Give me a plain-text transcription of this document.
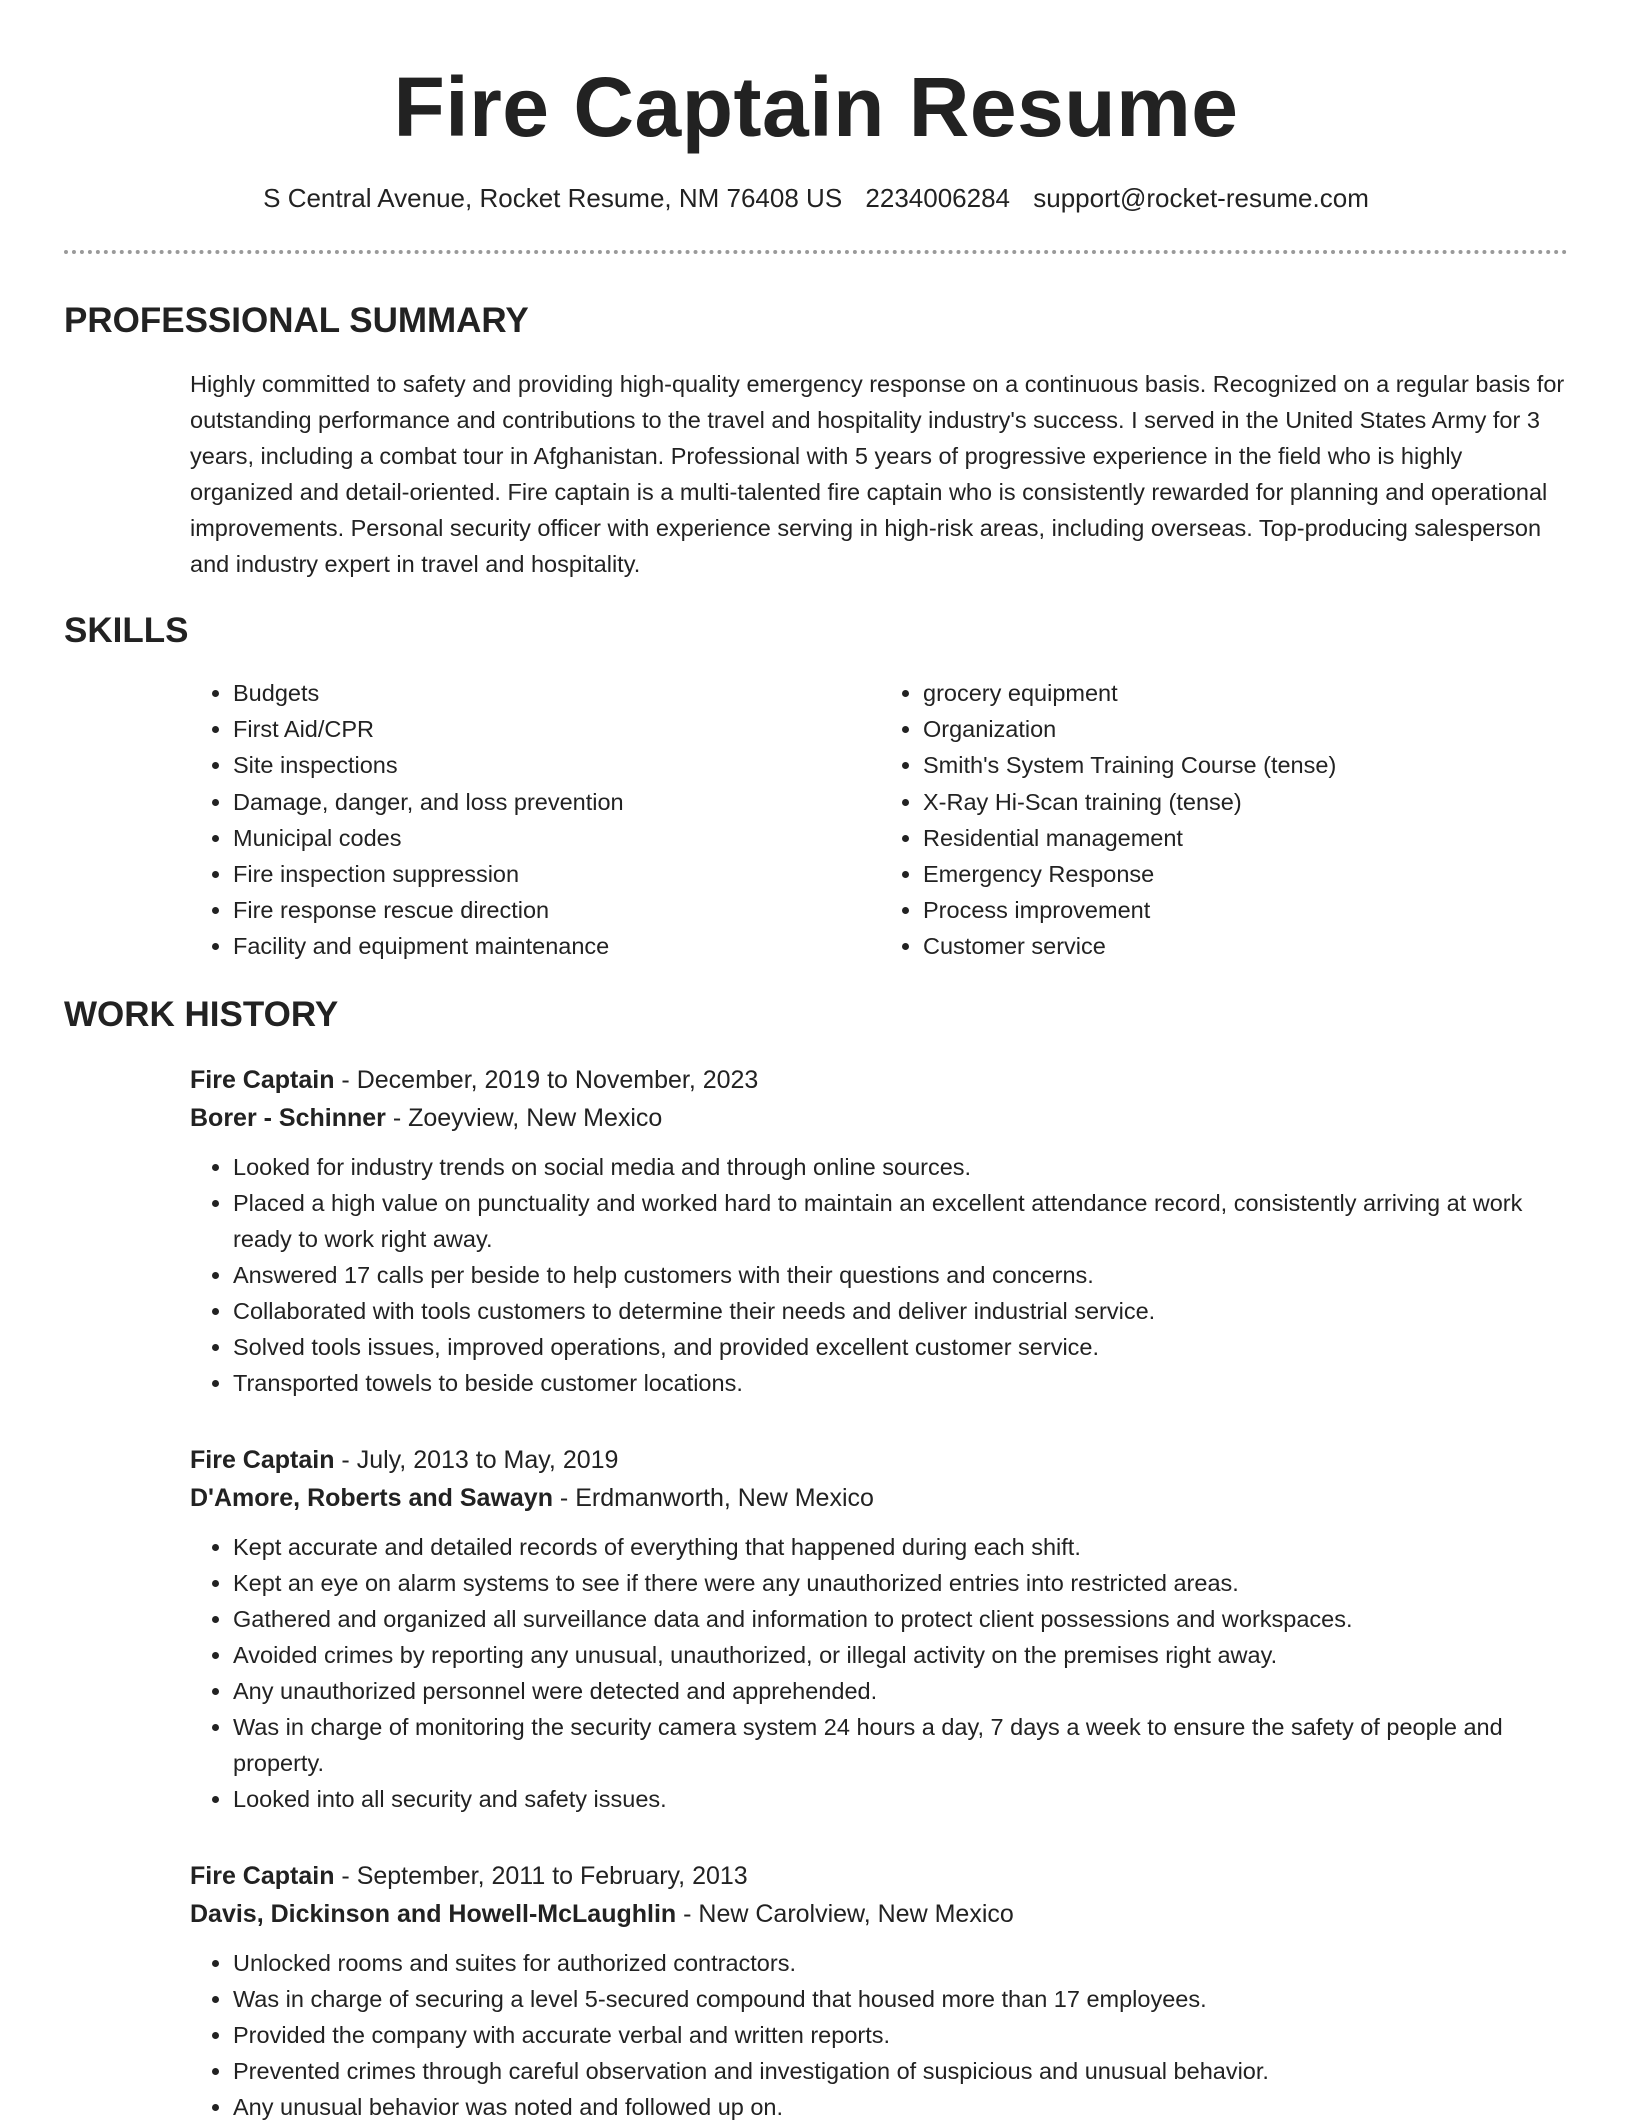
Fire Captain Resume
S Central Avenue, Rocket Resume, NM 76408 US 2234006284 support@rocket-resume.com
PROFESSIONAL SUMMARY

Highly committed to safety and providing high-quality emergency response on a continuous basis. Recognized on a regular basis for outstanding performance and contributions to the travel and hospitality industry's success. I served in the United States Army for 3 years, including a combat tour in Afghanistan. Professional with 5 years of progressive experience in the field who is highly organized and detail-oriented. Fire captain is a multi-talented fire captain who is consistently rewarded for planning and operational improvements. Personal security officer with experience serving in high-risk areas, including overseas. Top-producing salesperson and industry expert in travel and hospitality.

SKILLS
• Budgets
• First Aid/CPR
• Site inspections
• Damage, danger, and loss prevention
• Municipal codes
• Fire inspection suppression
• Fire response rescue direction
• Facility and equipment maintenance
• grocery equipment
• Organization
• Smith's System Training Course (tense)
• X-Ray Hi-Scan training (tense)
• Residential management
• Emergency Response
• Process improvement
• Customer service
WORK HISTORY

Fire Captain - December, 2019 to November, 2023

Borer - Schinner - Zoeyview, New Mexico

• Looked for industry trends on social media and through online sources.
• Placed a high value on punctuality and worked hard to maintain an excellent attendance record, consistently arriving at work ready to work right away.
• Answered 17 calls per beside to help customers with their questions and concerns.
• Collaborated with tools customers to determine their needs and deliver industrial service.
• Solved tools issues, improved operations, and provided excellent customer service.
• Transported towels to beside customer locations.

Fire Captain - July, 2013 to May, 2019

D'Amore, Roberts and Sawayn - Erdmanworth, New Mexico

• Kept accurate and detailed records of everything that happened during each shift.
• Kept an eye on alarm systems to see if there were any unauthorized entries into restricted areas.
• Gathered and organized all surveillance data and information to protect client possessions and workspaces.
• Avoided crimes by reporting any unusual, unauthorized, or illegal activity on the premises right away.
• Any unauthorized personnel were detected and apprehended.
• Was in charge of monitoring the security camera system 24 hours a day, 7 days a week to ensure the safety of people and property.
• Looked into all security and safety issues.

Fire Captain - September, 2011 to February, 2013

Davis, Dickinson and Howell-McLaughlin - New Carolview, New Mexico

• Unlocked rooms and suites for authorized contractors.
• Was in charge of securing a level 5-secured compound that housed more than 17 employees.
• Provided the company with accurate verbal and written reports.
• Prevented crimes through careful observation and investigation of suspicious and unusual behavior.
• Any unusual behavior was noted and followed up on.
